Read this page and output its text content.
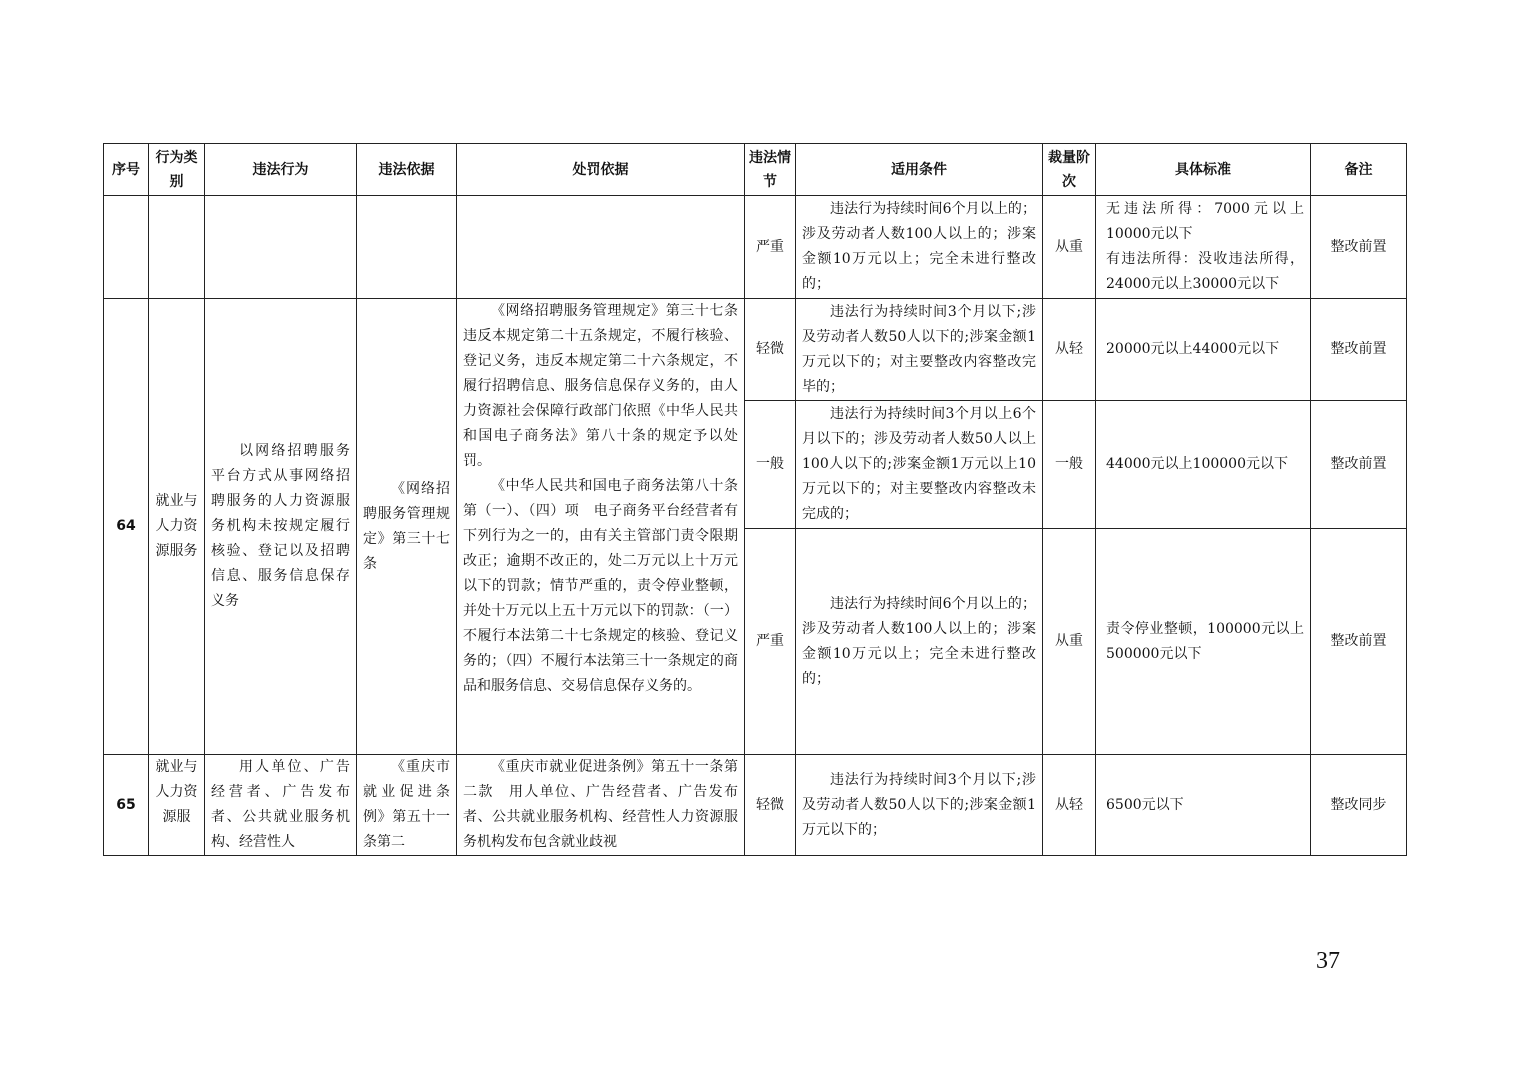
序号	行为类别	违法行为	违法依据	处罚依据	违法情节	适用条件	裁量阶次	具体标准	备注
					严重	违法行为持续时间6个月以上的；涉及劳动者人数100人以上的；涉案金额10万元以上；完全未进行整改的；	从重	无违法所得：7000元以上10000元以下
有违法所得：没收违法所得，24000元以上30000元以下	整改前置
64	就业与人力资源服务	以网络招聘服务平台方式从事网络招聘服务的人力资源服务机构未按规定履行核验、登记以及招聘信息、服务信息保存义务	《网络招聘服务管理规定》第三十七条	《网络招聘服务管理规定》第三十七条　违反本规定第二十五条规定，不履行核验、登记义务，违反本规定第二十六条规定，不履行招聘信息、服务信息保存义务的，由人力资源社会保障行政部门依照《中华人民共和国电子商务法》第八十条的规定予以处罚。
《中华人民共和国电子商务法第八十条第（一）、（四）项　电子商务平台经营者有下列行为之一的，由有关主管部门责令限期改正；逾期不改正的，处二万元以上十万元以下的罚款；情节严重的，责令停业整顿，并处十万元以上五十万元以下的罚款：（一）不履行本法第二十七条规定的核验、登记义务的；（四）不履行本法第三十一条规定的商品和服务信息、交易信息保存义务的。	轻微	违法行为持续时间3个月以下;涉及劳动者人数50人以下的;涉案金额1万元以下的；对主要整改内容整改完毕的；	从轻	20000元以上44000元以下	整改前置
					一般	违法行为持续时间3个月以上6个月以下的；涉及劳动者人数50人以上100人以下的;涉案金额1万元以上10万元以下的；对主要整改内容整改未完成的；	一般	44000元以上100000元以下	整改前置
					严重	违法行为持续时间6个月以上的；涉及劳动者人数100人以上的；涉案金额10万元以上；完全未进行整改的；	从重	责令停业整顿，100000元以上500000元以下	整改前置
65	就业与人力资源服	用人单位、广告经营者、广告发布者、公共就业服务机构、经营性人	《重庆市就业促进条例》第五十一条第二	《重庆市就业促进条例》第五十一条第二款　用人单位、广告经营者、广告发布者、公共就业服务机构、经营性人力资源服务机构发布包含就业歧视	轻微	违法行为持续时间3个月以下;涉及劳动者人数50人以下的;涉案金额1万元以下的；	从轻	6500元以下	整改同步
37
